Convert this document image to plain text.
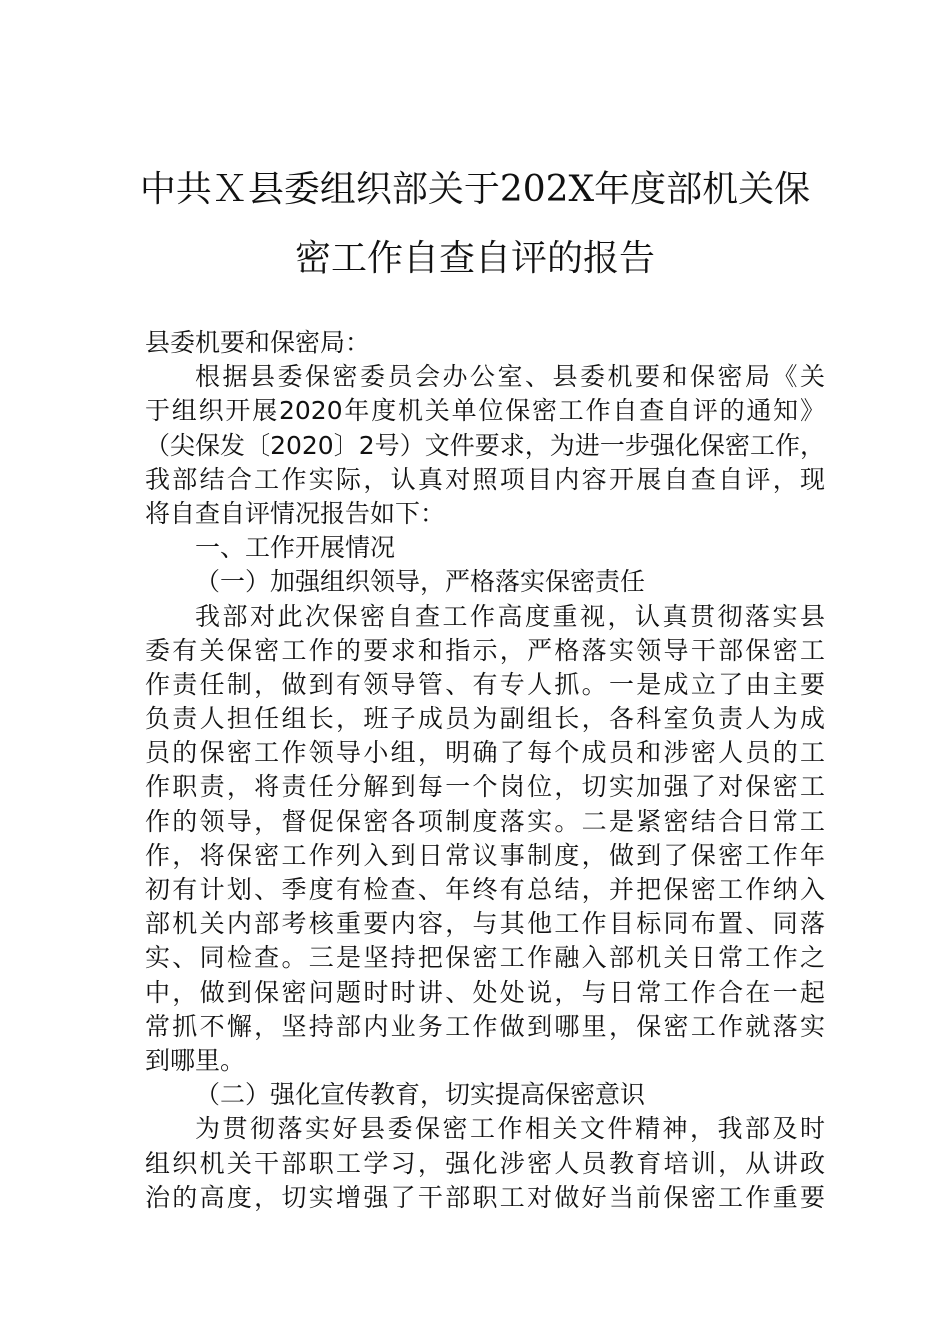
中共Ｘ县委组织部关于202X年度部机关保
密工作自查自评的报告
县委机要和保密局：
根据县委保密委员会办公室、县委机要和保密局《关
于组织开展2020年度机关单位保密工作自查自评的通知》
（尖保发〔2020〕2号）文件要求，为进一步强化保密工作，
我部结合工作实际，认真对照项目内容开展自查自评，现
将自查自评情况报告如下：
一、工作开展情况
（一）加强组织领导，严格落实保密责任
我部对此次保密自查工作高度重视，认真贯彻落实县
委有关保密工作的要求和指示，严格落实领导干部保密工
作责任制，做到有领导管、有专人抓。一是成立了由主要
负责人担任组长，班子成员为副组长，各科室负责人为成
员的保密工作领导小组，明确了每个成员和涉密人员的工
作职责，将责任分解到每一个岗位，切实加强了对保密工
作的领导，督促保密各项制度落实。二是紧密结合日常工
作，将保密工作列入到日常议事制度，做到了保密工作年
初有计划、季度有检查、年终有总结，并把保密工作纳入
部机关内部考核重要内容，与其他工作目标同布置、同落
实、同检查。三是坚持把保密工作融入部机关日常工作之
中，做到保密问题时时讲、处处说，与日常工作合在一起
常抓不懈，坚持部内业务工作做到哪里，保密工作就落实
到哪里。
（二）强化宣传教育，切实提高保密意识
为贯彻落实好县委保密工作相关文件精神，我部及时
组织机关干部职工学习，强化涉密人员教育培训，从讲政
治的高度，切实增强了干部职工对做好当前保密工作重要
